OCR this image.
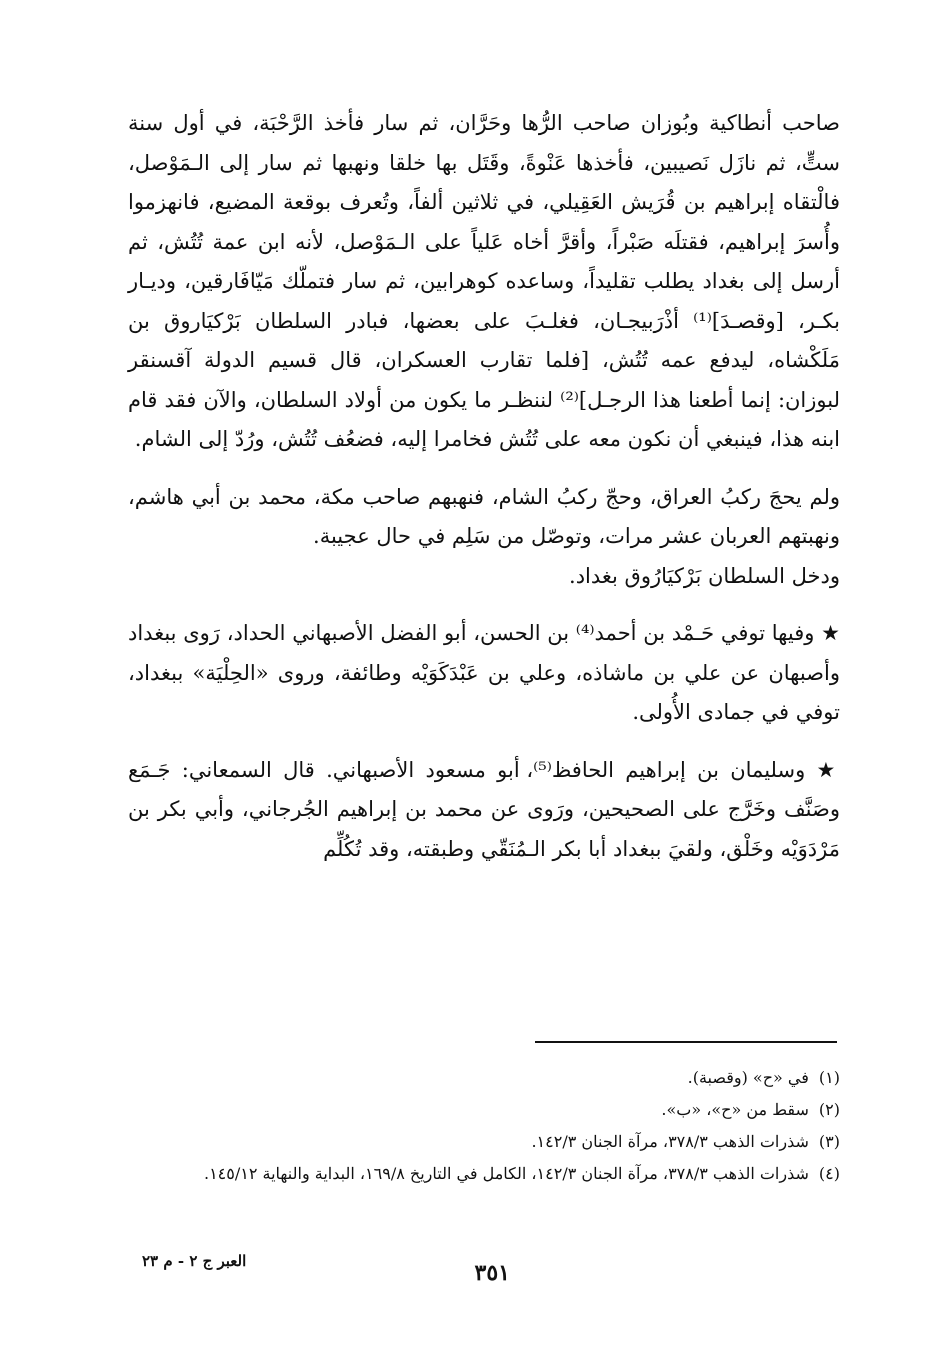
صاحب أنطاكية وبُوزان صاحب الرُّها وحَرَّان، ثم سار فأخذ الرَّحْبَة، في أول سنة ستٍّ، ثم نازَل نَصيبين، فأخذها عَنْوةً، وقَتَل بها خلقا ونهبها ثم سار إلى الـمَوْصل، فالْتقاه إبراهيم بن قُرَيش العَقِيلي، في ثلاثين ألفاً، وتُعرف بوقعة المضيع، فانهزموا وأُسرَ إبراهيم، فقتلَه صَبْراً، وأقرَّ أخاه عَلياً على الـمَوْصل، لأنه ابن عمة تُتُش، ثم أرسل إلى بغداد يطلب تقليداً، وساعده كوهرابين، ثم سار فتملّك مَيّافَارقين، وديـار بكـر، [وقصـدَ]⁽¹⁾ أذْرَبيجـان، فغلـبَ على بعضها، فبادر السلطان بَرْكيَاروق بن مَلَكْشاه، ليدفع عمه تُتُش، [فلما تقارب العسكران، قال قسيم الدولة آقسنقر لبوزان: إنما أطعنا هذا الرجـل]⁽²⁾ لننظـر ما يكون من أولاد السلطان، والآن فقد قام ابنه هذا، فينبغي أن نكون معه على تُتُش فخامرا إليه، فضعُف تُتُش، ورُدّ إلى الشام.

ولم يحجَ ركبُ العراق، وحجّ ركبُ الشام، فنهبهم صاحب مكة، محمد بن أبي هاشم، ونهبتهم العربان عشر مرات، وتوصّل من سَلِم في حال عجيبة.

ودخل السلطان بَرْكيَارُوق بغداد.

★ وفيها توفي حَـمْد بن أحمد⁽⁴⁾ بن الحسن، أبو الفضل الأصبهاني الحداد، رَوى ببغداد وأصبهان عن علي بن ماشاذه، وعلي بن عَبْدَكَوَيْه وطائفة، وروى «الحِلْيَة» ببغداد، توفي في جمادى الأُولى.

★ وسليمان بن إبراهيم الحافظ⁽⁵⁾، أبو مسعود الأصبهاني. قال السمعاني: جَـمَع وصَنَّف وخَرَّج على الصحيحين، ورَوى عن محمد بن إبراهيم الجُرجاني، وأبي بكر بن مَرْدَوَيْه وخَلْق، ولقيَ ببغداد أبا بكر الـمُنَقّي وطبقته، وقد تُكُلِّم

(١)في «ح» (وقصبة).

(٢)سقط من «ح»، «ب».

(٣)شذرات الذهب ٣٧٨/٣، مرآة الجنان ١٤٢/٣.

(٤)شذرات الذهب ٣٧٨/٣، مرآة الجنان ١٤٢/٣، الكامل في التاريخ ١٦٩/٨، البداية والنهاية ١٤٥/١٢.

٣٥١
العبر ج ٢ - م ٢٣
